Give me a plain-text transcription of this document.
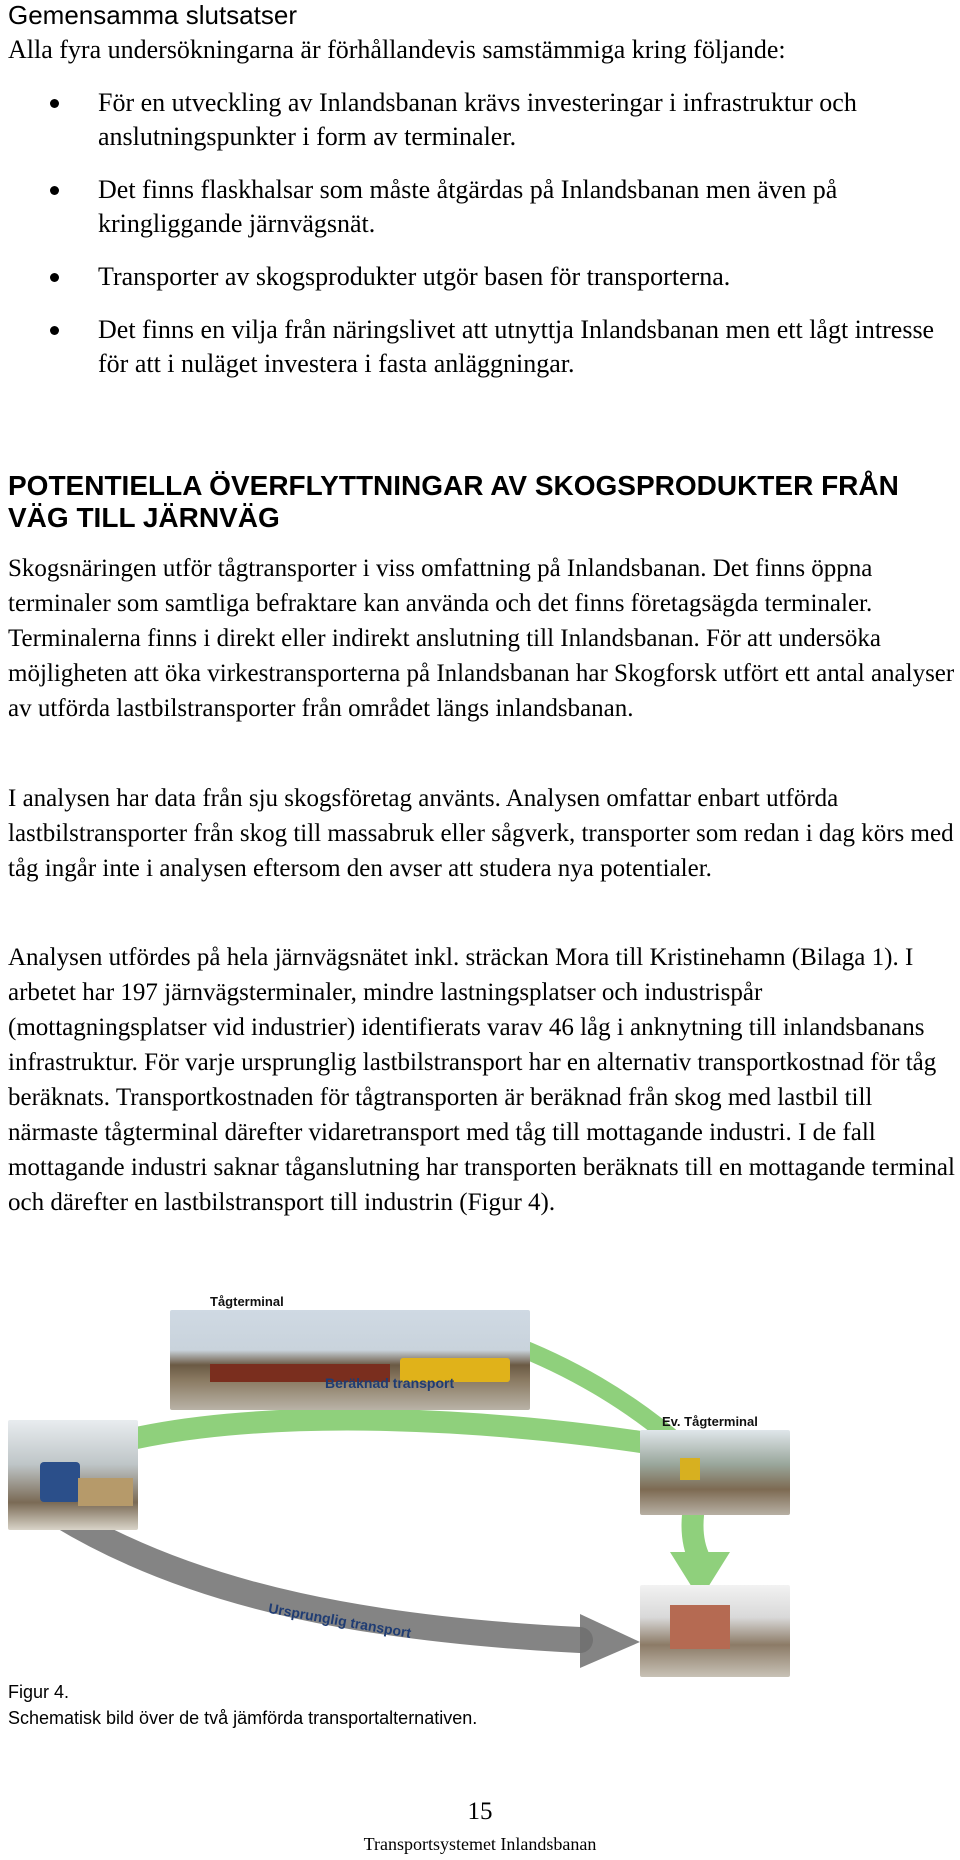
Gemensamma slutsatser
Alla fyra undersökningarna är förhållandevis samstämmiga kring följande:
För en utveckling av Inlandsbanan krävs investeringar i infrastruktur och anslutningspunkter i form av terminaler.
Det finns flaskhalsar som måste åtgärdas på Inlandsbanan men även på kringliggande järnvägsnät.
Transporter av skogsprodukter utgör basen för transporterna.
Det finns en vilja från näringslivet att utnyttja Inlandsbanan men ett lågt intresse för att i nuläget investera i fasta anläggningar.
POTENTIELLA ÖVERFLYTTNINGAR AV SKOGSPRODUKTER FRÅN VÄG TILL JÄRNVÄG

Skogsnäringen utför tågtransporter i viss omfattning på Inlandsbanan. Det finns öppna terminaler som samtliga befraktare kan använda och det finns företagsägda terminaler. Terminalerna finns i direkt eller indirekt anslutning till Inlandsbanan. För att undersöka möjligheten att öka virkestransporterna på Inlandsbanan har Skogforsk utfört ett antal analyser av utförda lastbilstransporter från området längs inlandsbanan.

I analysen har data från sju skogsföretag använts. Analysen omfattar enbart utförda lastbilstransporter från skog till massabruk eller sågverk, transporter som redan i dag körs med tåg ingår inte i analysen eftersom den avser att studera nya potentialer.

Analysen utfördes på hela järnvägsnätet inkl. sträckan Mora till Kristinehamn (Bilaga 1). I arbetet har 197 järnvägsterminaler, mindre lastningsplatser och industrispår (mottagningsplatser vid industrier) identifierats varav 46 låg i anknytning till inlandsbanans infrastruktur. För varje ursprunglig lastbilstransport har en alternativ transportkostnad för tåg beräknats. Transportkostnaden för tågtransporten är beräknad från skog med lastbil till närmaste tågterminal därefter vidaretransport med tåg till mottagande industri. I de fall mottagande industri saknar tåganslutning har transporten beräknats till en mottagande terminal och därefter en lastbilstransport till industrin (Figur 4).

Tågterminal
Ev. Tågterminal
Beräknad transport
Ursprunglig transport
Figur 4.
Schematisk bild över de två jämförda transportalternativen.
15
Transportsystemet Inlandsbanan
